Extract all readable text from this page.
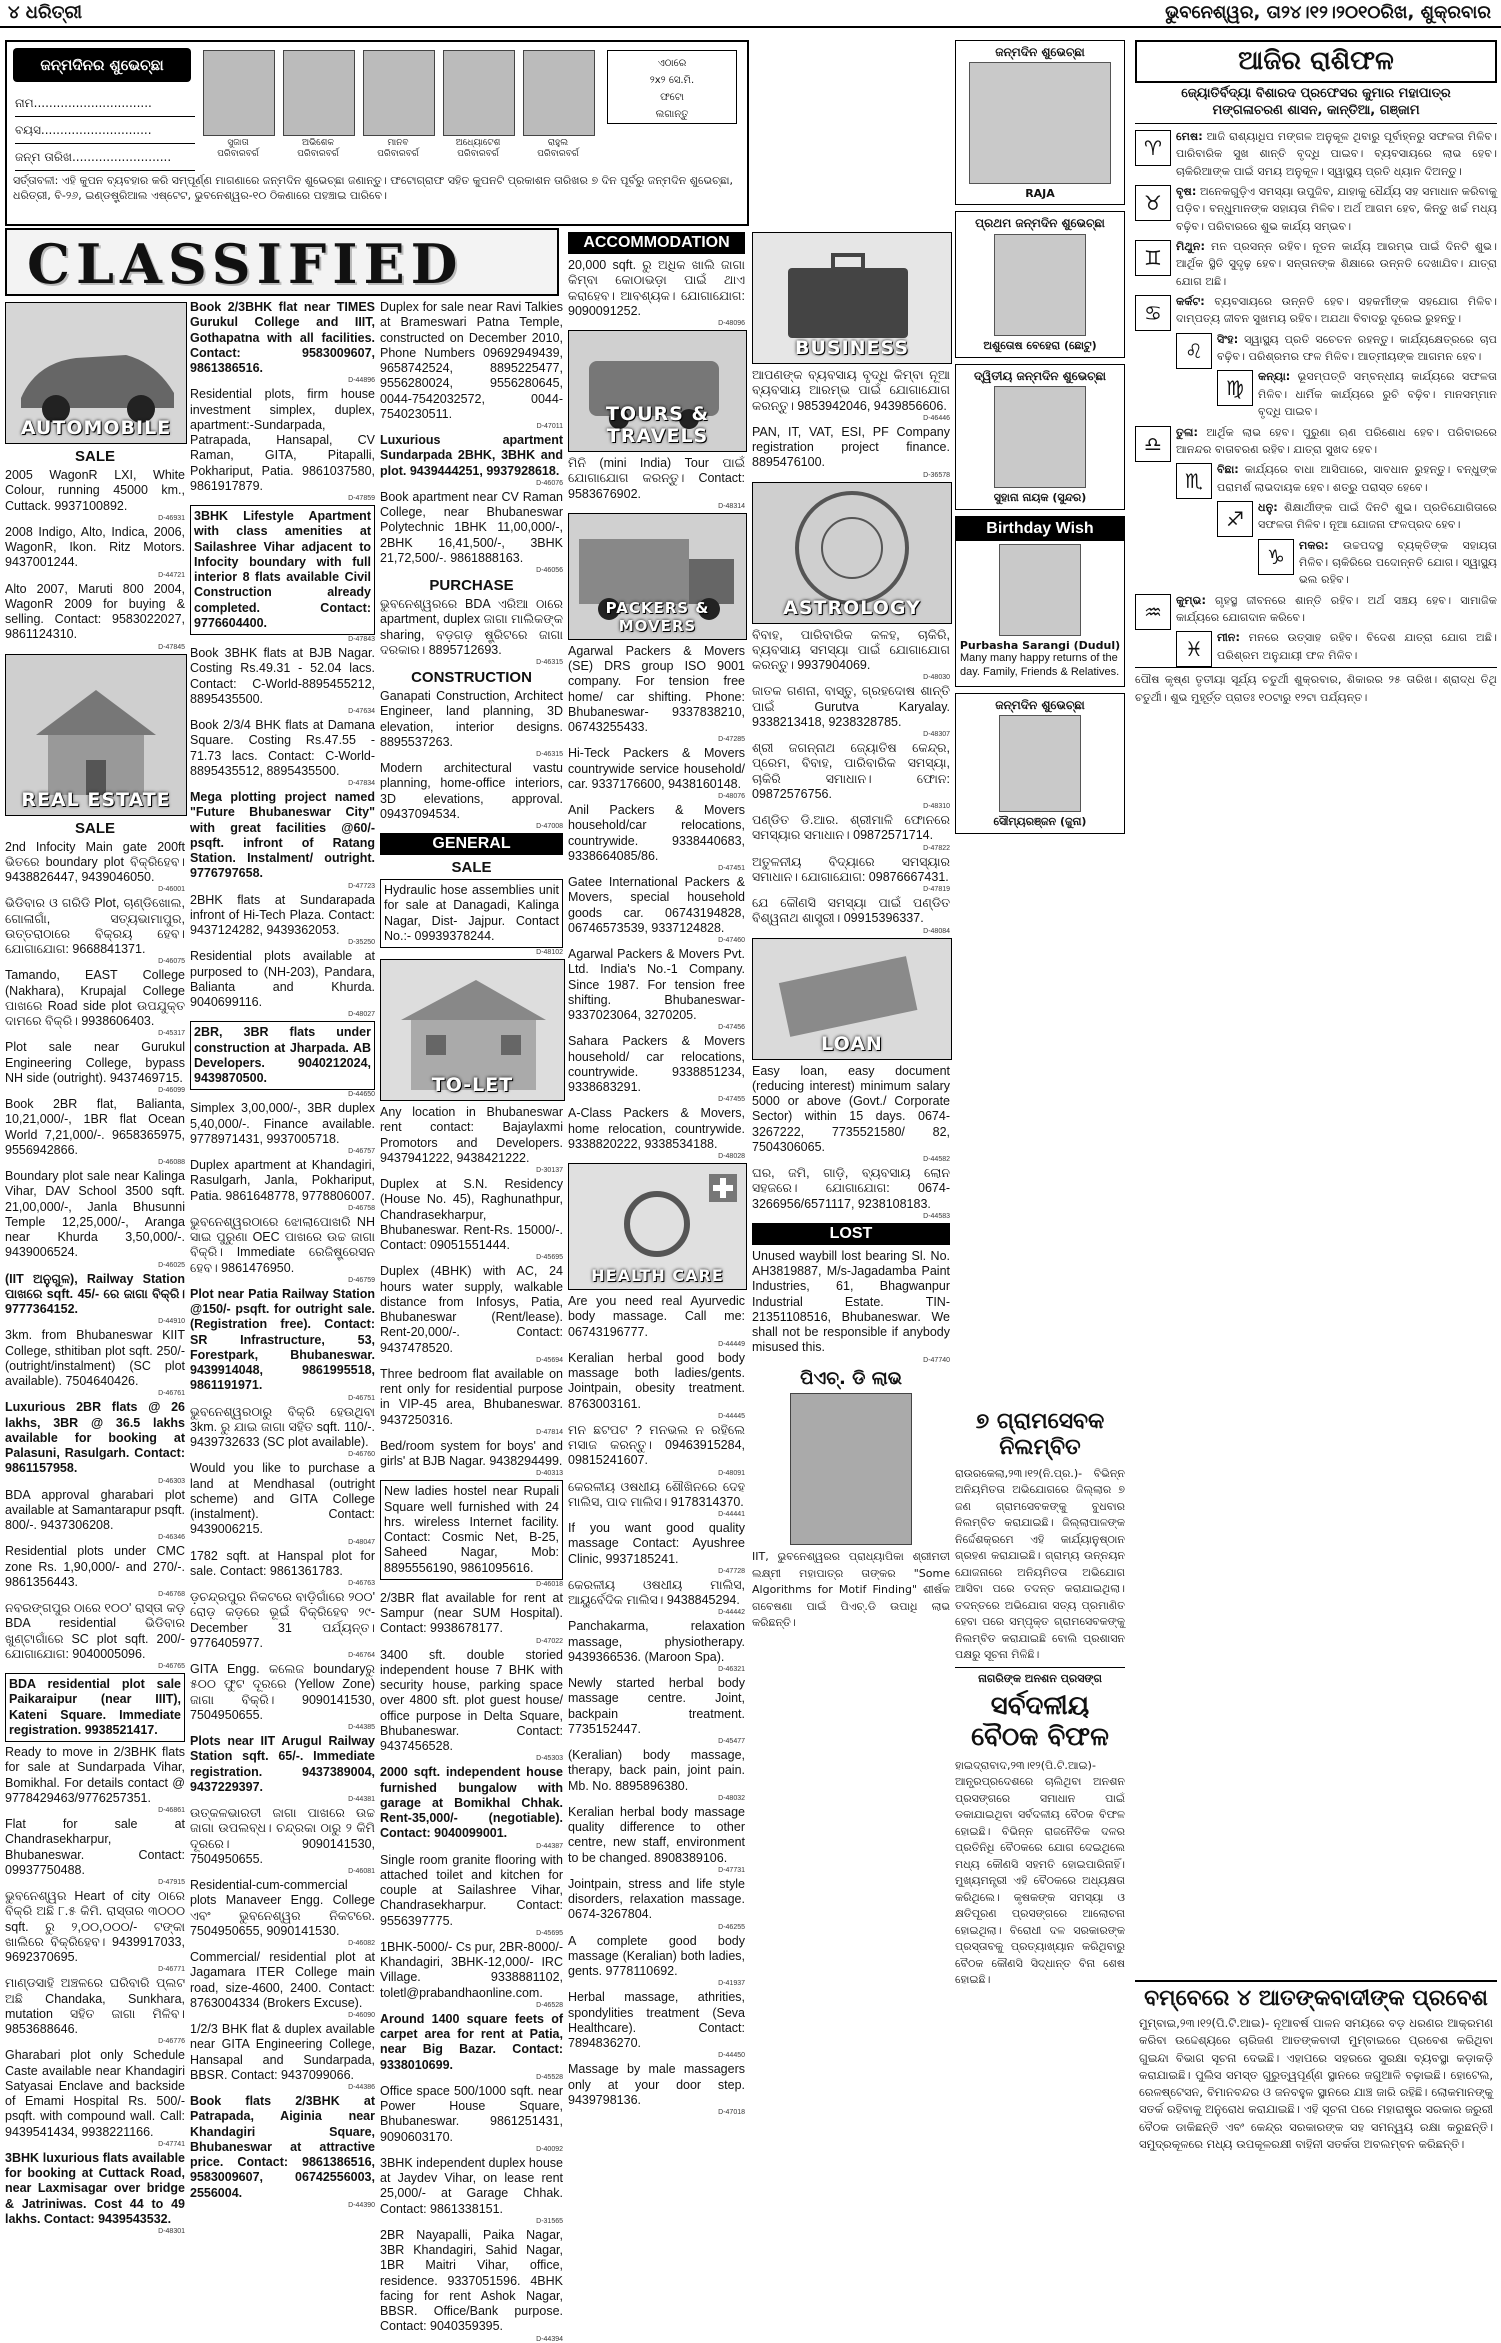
୪ ଧରିତ୍ରୀ	ଭୁବନେଶ୍ୱର, ତା୨୪।୧୨।୨୦୧୦ରିଖ, ଶୁକ୍ରବାର
ଜନ୍ମଦିନର ଶୁଭେଚ୍ଛା
ନାମ...............................
ବୟସ.............................
ଜନ୍ମ ତାରିଖ..........................
ସୁଜାତା
ପରିବାରବର୍ଗ
ଅଭିଶେକ
ପରିବାରବର୍ଗ
ମାନବ
ପରିବାରବର୍ଗ
ଅଧ୍ୟୋଟେଶ
ପରିବାରବର୍ଗ
ରାହୁଲ
ପରିବାରବର୍ଗ
ଏଠାରେ
୨x୨ ସେ.ମି.
ଫଟୋ
ଲଗାନ୍ତୁ
ସର୍ତ୍ତାବଳୀ: ଏହି କୁପନ ବ୍ୟବହାର କରି ସମ୍ପୂର୍ଣ୍ଣ ମାଗଣାରେ ଜନ୍ମଦିନ ଶୁଭେଚ୍ଛା ଜଣାନ୍ତୁ। ଫଟୋଗ୍ରାଫ ସହିତ କୁପନଟି ପ୍ରକାଶନ ତାରିଖର ୭ ଦିନ ପୂର୍ବରୁ ଜନ୍ମଦିନ ଶୁଭେଚ୍ଛା, ଧରିତ୍ରୀ, ବି-୨୬, ଇଣ୍ଡଷ୍ଟ୍ରିଆଲ ଏଷ୍ଟେଟ, ଭୁବନେଶ୍ୱର-୧୦ ଠିକଣାରେ ପହଞ୍ଚାଇ ପାରିବେ।
CLASSIFIED
AUTOMOBILE
SALE

2005 WagonR LXI, White Colour, running 45000 km., Cuttack. 9937100892.

D-46931

2008 Indigo, Alto, Indica, 2006, WagonR, Ikon. Ritz Motors. 9437001244.

D-44721

Alto 2007, Maruti 800 2004, WagonR 2009 for buying & selling. Contact: 9583022027, 9861124310.

D-47845
REAL ESTATE
SALE

2nd Infocity Main gate 200ft ଭିତରେ boundary plot ବିକ୍ରିହେବ। 9438826447, 9439046050.

D-46001

ଭିଡିବାର ଓ ଗରିଡି Plot, ଚାଣ୍ଡିଖୋଲ, ଗୋଳାଗାଁ, ସତ୍ୟଭାମାପୁର, ଉତ୍ତରାଠାରେ ବିକ୍ରୟ ହେବ। ଯୋଗାଯୋଗ: 9668841371.

D-46075

Tamando, EAST College (Nakhara), Krupajal College ପାଖରେ Road side plot ଉପଯୁକ୍ତ ଦାମରେ ବିକ୍ରି। 9938606403.

D-45317

Plot sale near Gurukul Engineering College, bypass NH side (outright). 9437469715.

D-46099

Book 2BR flat, Balianta, 10,21,000/-, 1BR flat Ocean World 7,21,000/-. 9658365975, 9556942866.

D-46088

Boundary plot sale near Kalinga Vihar, DAV School 3500 sqft. 21,00,000/-, Janla Bhusunni Temple 12,25,000/-, Aranga near Khurda 3,50,000/-. 9439006524.

D-46025

(IIT ଅନୁଗୁଳ), Railway Station ପାଖରେ sqft. 45/- ରେ ଜାଗା ବିକ୍ରି। 9777364152.

D-44910

3km. from Bhubaneswar KIIT College, sthitiban plot sqft. 250/- (outright/instalment) (SC plot available). 7504640426.

D-46761

Luxurious 2BR flats @ 26 lakhs, 3BR @ 36.5 lakhs available for booking at Palasuni, Rasulgarh. Contact: 9861157958.

D-46303

BDA approval gharabari plot available at Samantarapur psqft. 800/-. 9437306208.

D-46346

Residential plots under CMC zone Rs. 1,90,000/- and 270/-. 9861356443.

D-46768

ନବରଙ୍ଗପୁର ଠାରେ ୧୦୦' ରାସ୍ତା କଡ଼ BDA residential ଭିଡିବାର ଖୁଣ୍ଟାଗାଁରେ SC plot sqft. 200/- ଯୋଗାଯୋଗ: 9040005096.

D-46765

BDA residential plot sale Paikaraipur (near IIIT), Kateni Square. Immediate registration. 9938521417.

Ready to move in 2/3BHK flats for sale at Sundarpada Vihar, Bomikhal. For details contact @ 9778429463/9776257351.

D-46861

Flat for sale at Chandrasekharpur, Bhubaneswar. Contact: 09937750488.

D-47915

ଭୁବନେଶ୍ୱର Heart of city ଠାରେ ବିକ୍ରି ଅଛି ୮.୫ କିମି. ରାସ୍ତାର ୩୦୦୦ sqft. ରୁ ୨,୦୦,୦୦୦/- ଟଙ୍କା ଖାଲିରେ ବିକ୍ରିହେବ। 9439917033, 9692370695.

D-46771

ମାଣ୍ଡସାହି ଅଞ୍ଚଳରେ ଘରିବାରି ପ୍ଲଟ ଅଛି Chandaka, Sunkhara, mutation ସହିତ ଜାଗା ମିଳିବ। 9853688646.

D-46776

Gharabari plot only Schedule Caste available near Khandagiri Satyasai Enclave and backside of Emami Hospital Rs. 500/- psqft. with compound wall. Call: 9439541434, 9938221166.

D-47741

3BHK luxurious flats available for booking at Cuttack Road, near Laxmisagar over bridge & Jatriniwas. Cost 44 to 49 lakhs. Contact: 9439543532.

D-48301

Book 2/3BHK flat near TIMES Gurukul College and IIIT, Gothapatna with all facilities. Contact: 9583009607, 9861386516.

D-44896

Residential plots, firm house investment simplex, duplex, apartment:-Sundarpada, Patrapada, Hansapal, CV Raman, GITA, Pitapalli, Pokhariput, Patia. 9861037580, 9861917879.

D-47859

3BHK Lifestyle Apartment with class amenities at Sailashree Vihar adjacent to Infocity boundary with full interior 8 flats available Civil Construction already completed. Contact: 9776604400.

D-47843

Book 3BHK flats at BJB Nagar. Costing Rs.49.31 - 52.04 lacs. Contact: C-World-8895455212, 8895435500.

D-47634

Book 2/3/4 BHK flats at Damana Square. Costing Rs.47.55 - 71.73 lacs. Contact: C-World-8895435512, 8895435500.

D-47834

Mega plotting project named "Future Bhubaneswar City" with great facilities @60/- psqft. infront of Ratang Station. Instalment/ outright. 9776797658.

D-47723

2BHK flats at Sundarapada infront of Hi-Tech Plaza. Contact: 9437124282, 9439362053.

D-35250

Residential plots available at purposed to (NH-203), Pandara, Balianta and Khurda. 9040699116.

D-48027

2BR, 3BR flats under construction at Jharpada. AB Developers. 9040212024, 9439870500.

D-44650

Simplex 3,00,000/-, 3BR duplex 5,40,000/-. Finance available. 9778971431, 9937005718.

D-46757

Duplex apartment at Khandagiri, Rasulgarh, Janla, Pokhariput, Patia. 9861648778, 9778806007.

D-46758

ଭୁବନେଶ୍ୱରଠାରେ ଝୋଲାପୋଖରି NH ସାଇ ପୁରୁଣା OEC ପାଖରେ ଉଚ୍ଚ ଜାଗା ବିକ୍ରି। Immediate ରେଜିଷ୍ଟ୍ରେସନ ହେବ। 9861476950.

D-46759

Plot near Patia Railway Station @150/- psqft. for outright sale. (Registration free). Contact: SR Infrastructure, 53, Forestpark, Bhubaneswar. 9439914048, 9861995518, 9861191971.

D-46751

ଭୁବନେଶ୍ୱରଠାରୁ ବିକ୍ରି ହେଉଥିବା 3km. ରୁ ଯାଇ ଜାଗା ସହିତ sqft. 110/-. 9439732633 (SC plot available).

D-46760

Would you like to purchase a land at Mendhasal (outright scheme) and GITA College (instalment). Contact: 9439006215.

D-48047

1782 sqft. at Hanspal plot for sale. Contact: 9861361783.

D-46763

ଡ଼ଚନ୍ଦ୍ରପୁର ନିକଟରେ ବାଡ଼ିଗାଁରେ ୨୦୦' ରୋଡ଼ କଡ଼ରେ ଭୂଇଁ ବିକ୍ରିହେବ ୨୯-December 31 ପର୍ଯ୍ୟନ୍ତ। 9776405977.

D-46764

GITA Engg. କଲେଜ boundaryରୁ ୫୦୦ ଫୁଟ ଦୂରରେ (Yellow Zone) ଜାଗା ବିକ୍ରି। 9090141530, 7504950655.

D-44385

Plots near IIT Arugul Railway Station sqft. 65/-. Immediate registration. 9437389004, 9437229397.

D-44381

ଉତ୍କଳଭାରତୀ ଜାଗା ପାଖରେ ଉଚ୍ଚ ଜାଗା ଉପଲବ୍ଧ। ଚନ୍ଦ୍ରକା ଠାରୁ ୨ କିମି ଦୂରରେ। 9090141530, 7504950655.

D-46081

Residential-cum-commercial plots Manaveer Engg. College ଏବଂ ଭୁବନେଶ୍ୱର ନିକଟରେ. 7504950655, 9090141530.

D-46082

Commercial/ residential plot at Jagamara ITER College main road, size-4600, 2400. Contact: 8763004334 (Brokers Excuse).

D-46090

1/2/3 BHK flat & duplex available near GITA Engineering College, Hansapal and Sundarpada, BBSR. Contact: 9437099066.

D-44386

Book flats 2/3BHK at Patrapada, Aiginia near Khandagiri Square, Bhubaneswar at attractive price. Contact: 9861386516, 9583009607, 06742556003, 2556004.

D-44390

Duplex for sale near Ravi Talkies at Brameswari Patna Temple, constructed on December 2010, Phone Numbers 09692949439, 9658742524, 8895225477, 9556280024, 9556280645, 0044-7542032572, 0044-7540230511.

D-47011

Luxurious apartment Sundarpada 2BHK, 3BHK and plot. 9439444251, 9937928618.

D-46076

Book apartment near CV Raman College, near Bhubaneswar Polytechnic 1BHK 11,00,000/-, 2BHK 16,41,500/-, 3BHK 21,72,500/-. 9861888163.

D-46056
PURCHASE

ଭୁବନେଶ୍ୱରରେ BDA ଏରିଆ ଠାରେ apartment, duplex ଜାଗା ମାଲିକଙ୍କ sharing, ବଡ଼ଗଡ଼ ଷ୍ଟ୍ରିଟରେ ଜାଗା ଦରକାର। 8895712693.

D-46315
CONSTRUCTION

Ganapati Construction, Architect Engineer, land planning, 3D elevation, interior designs. 8895537263.

D-46315

Modern architectural vastu planning, home-office interiors, 3D elevations, approval. 09437094534.

D-47008
GENERAL
SALE

Hydraulic hose assemblies unit for sale at Danagadi, Kalinga Nagar, Dist- Jajpur. Contact No.:- 09939378244.

D-48102
TO-LET

Any location in Bhubaneswar rent contact: Bajaylaxmi Promotors and Developers. 9437941222, 9438421222.

D-30137

Duplex at S.N. Residency (House No. 45), Raghunathpur, Chandrasekharpur, Bhubaneswar. Rent-Rs. 15000/-. Contact: 09051551444.

D-45695

Duplex (4BHK) with AC, 24 hours water supply, walkable distance from Infosys, Patia, Bhubaneswar (Rent/lease). Rent-20,000/-. Contact: 9437478520.

D-45694

Three bedroom flat available on rent only for residential purpose in VIP-45 area, Bhubaneswar. 9437250316.

D-47814

Bed/room system for boys' and girls' at BJB Nagar. 9438294499.

D-40313

New ladies hostel near Rupali Square well furnished with 24 hrs. wireless Internet facility. Contact: Cosmic Net, B-25, Saheed Nagar, Mob: 8895556190, 9861095616.

D-46018

2/3BR flat available for rent at Sampur (near SUM Hospital). Contact: 9938678177.

D-47022

3400 sft. double storied independent house 7 BHK with security house, parking space over 4800 sft. plot guest house/ office purpose in Delta Square, Bhubaneswar. Contact: 9437456528.

D-45303

2000 sqft. independent house furnished bungalow with garage at Bomikhal Chhak. Rent-35,000/- (negotiable). Contact: 9040099001.

D-44387

Single room granite flooring with attached toilet and kitchen for couple at Sailashree Vihar, Chandrasekharpur. Contact: 9556397775.

D-45695

1BHK-5000/- Cs pur, 2BR-8000/- Khandagiri, 3BHK-12,000/- IRC Village. 9338881102, toletl@prabandhaonline.com.

D-46528

Around 1400 square feets of carpet area for rent at Patia, near Big Bazar. Contact: 9338010699.

D-45528

Office space 500/1000 sqft. near Power House Square, Bhubaneswar. 9861251431, 9090603170.

D-40092

3BHK independent duplex house at Jaydev Vihar, on lease rent 25,000/- at Garage Chhak. Contact: 9861338151.

D-31565

2BR Nayapalli, Paika Nagar, 3BR Khandagiri, Sahid Nagar, 1BR Maitri Vihar, office, residence. 9337051596. 4BHK facing for rent Ashok Nagar, BBSR. Office/Bank purpose. Contact: 9040359395.

D-44394
ACCOMMODATION

20,000 sqft. ରୁ ଅଧିକ ଖାଲି ଜାଗା କିମ୍ବା କୋଠାଭଡ଼ା ପାଇଁ ଥାଏ କରାହେବ। ଆବଶ୍ୟକ। ଯୋଗାଯୋଗ: 9090091252.

D-48096
TOURS & TRAVELS

ମିନି (mini India) Tour ପାଇଁ ଯୋଗାଯୋଗ କରନ୍ତୁ। Contact: 9583676902.

D-48314
PACKERS & MOVERS

Agarwal Packers & Movers (SE) DRS group ISO 9001 company. For tension free home/ car shifting. Phone: Bhubaneswar- 9337838210, 06743255433.

D-47285

Hi-Teck Packers & Movers countrywide service household/ car. 9337176600, 9438160148.

D-48076

Anil Packers & Movers household/car relocations, countrywide. 9338440683, 9338664085/86.

D-47451

Gatee International Packers & Movers, special household goods car. 06743194828, 06746573539, 9337124828.

D-47460

Agarwal Packers & Movers Pvt. Ltd. India's No.-1 Company. Since 1987. For tension free shifting. Bhubaneswar- 9337023064, 3270205.

D-47456

Sahara Packers & Movers household/ car relocations, countrywide. 9338851234, 9338683291.

D-47455

A-Class Packers & Movers, home relocation, countrywide. 9338820222, 9338534188.

D-48028
HEALTH CARE

Are you need real Ayurvedic body massage. Call me: 06743196777.

D-44449

Keralian herbal good body massage both ladies/gents. Jointpain, obesity treatment. 8763003161.

D-44445

ମନ ଛଟପଟ ? ମନଭଲ ନ ରହିଲେ ମସାଜ କରନ୍ତୁ। 09463915284, 09815241607.

D-48091

କେରଳୀୟ ଓଷଧୀୟ ଶୌଖିନରେ ଦେହ ମାଲିସ, ପାଦ ମାଲିସ। 9178314370.

D-44441

If you want good quality massage Contact: Ayushree Clinic, 9937185241.

D-47728

କେରଳୀୟ ଓଷଧୀୟ ମାଲିସ, ଆୟୁର୍ବେଦିକ ମାଲିସ। 9438845294.

D-44442

Panchakarma, relaxation massage, physiotherapy. 9439366536. (Maroon Spa).

D-46321

Newly started herbal body massage centre. Joint, backpain treatment. 7735152447.

D-45477

(Keralian) body massage, therapy, back pain, joint pain. Mb. No. 8895896380.

D-48032

Keralian herbal body massage quality difference to other centre, new staff, environment to be changed. 8908389106.

D-47731

Jointpain, stress and life style disorders, relaxation massage. 0674-3267804.

D-46255

A complete good body massage (Keralian) both ladies, gents. 9778110692.

D-41937

Herbal massage, athrities, spondylities treatment (Seva Healthcare). Contact: 7894836270.

D-44450

Massage by male massagers only at your door step. 9439798136.

D-47018
BUSINESS

ଆପଣଙ୍କ ବ୍ୟବସାୟ ବୃଦ୍ଧି କିମ୍ବା ନୂଆ ବ୍ୟବସାୟ ଆରମ୍ଭ ପାଇଁ ଯୋଗାଯୋଗ କରନ୍ତୁ। 9853942046, 9439856606.

D-46446

PAN, IT, VAT, ESI, PF Company registration project finance. 8895476100.

D-36578
ASTROLOGY

ବିବାହ, ପାରିବାରିକ କଳହ, ଚାକିରି, ବ୍ୟବସାୟ ସମସ୍ୟା ପାଇଁ ଯୋଗାଯୋଗ କରନ୍ତୁ। 9937904069.

D-48030

ଜାତକ ଗଣନା, ବାସ୍ତୁ, ଗ୍ରହଦୋଷ ଶାନ୍ତି ପାଇଁ Gurutva Karyalay. 9338213418, 9238328785.

D-48307

ଶ୍ରୀ ଜଗନ୍ନାଥ ଜ୍ୟୋତିଷ କେନ୍ଦ୍ର, ପ୍ରେମ, ବିବାହ, ପାରିବାରିକ ସମସ୍ୟା, ଚାକିରି ସମାଧାନ। ଫୋନ: 09872576756.

D-48310

ପଣ୍ଡିତ ଡି.ଆର. ଶ୍ରୀମାଳି ଫୋନରେ ସମସ୍ୟାର ସମାଧାନ। 09872571714.

D-47822

ଅତୁଳନୀୟ ବିଦ୍ୟାରେ ସମସ୍ୟାର ସମାଧାନ। ଯୋଗାଯୋଗ: 09876667431.

D-47819

ଯେ କୌଣସି ସମସ୍ୟା ପାଇଁ ପଣ୍ଡିତ ବିଶ୍ୱନାଥ ଶାସ୍ତ୍ରୀ। 09915396337.

D-48084
LOAN

Easy loan, easy document (reducing interest) minimum salary 5000 or above (Govt./ Corporate Sector) within 15 days. 0674-3267222, 7735521580/ 82, 7504306065.

D-44582

ଘର, ଜମି, ଗାଡ଼ି, ବ୍ୟବସାୟ ଲୋନ ସହଜରେ। ଯୋଗାଯୋଗ: 0674-3266956/6571117, 9238108183.

D-44583
LOST

Unused waybill lost bearing Sl. No. AH3819887, M/s-Jagadamba Paint Industries, 61, Bhagwanpur Industrial Estate. TIN-21351108516, Bhubaneswar. We shall not be responsible if anybody misused this.

D-47740
ପିଏଚ୍. ଡି ଲାଭ

IIT, ଭୁବନେଶ୍ୱରର ପ୍ରାଧ୍ୟାପିକା ଶ୍ରୀମତୀ ଲକ୍ଷ୍ମୀ ମହାପାତ୍ର ତାଙ୍କର "Some Algorithms for Motif Finding" ଶୀର୍ଷକ ଗବେଷଣା ପାଇଁ ପିଏଚ୍.ଡି ଉପାଧି ଲାଭ କରିଛନ୍ତି।

ଜନ୍ମଦିନ ଶୁଭେଚ୍ଛା
RAJA
ପ୍ରଥମ ଜନ୍ମଦିନ ଶୁଭେଚ୍ଛା
ଅଶୁତୋଷ ବେହେରା (ଛୋଟୁ)
ଦ୍ୱିତୀୟ ଜନ୍ମଦିନ ଶୁଭେଚ୍ଛା
ସୁହାନା ନାୟକ (ସୁନ୍ଦର)
Birthday Wish
Purbasha Sarangi (Dudul)
Many many happy returns of the day. Family, Friends & Relatives.
ଜନ୍ମଦିନ ଶୁଭେଚ୍ଛା
ସୌମ୍ୟରଞ୍ଜନ (ଜୁନା)
୭ ଗ୍ରାମସେବକ ନିଲମ୍ବିତ

ରାଉରକେଲା,୨୩।୧୨(ନି.ପ୍ର.)- ବିଭିନ୍ନ ଅନିୟମିତତା ଅଭିଯୋଗରେ ଜିଲ୍ଲାର ୭ ଜଣ ଗ୍ରାମସେବକଙ୍କୁ ବୁଧବାର ନିଲମ୍ବିତ କରାଯାଇଛି। ଜିଲ୍ଲାପାଳଙ୍କ ନିର୍ଦ୍ଦେଶକ୍ରମେ ଏହି କାର୍ଯ୍ୟାନୁଷ୍ଠାନ ଗ୍ରହଣ କରାଯାଇଛି। ଗ୍ରାମ୍ୟ ଉନ୍ନୟନ ଯୋଜନାରେ ଅନିୟମିତତା ଅଭିଯୋଗ ଆସିବା ପରେ ତଦନ୍ତ କରାଯାଇଥିଲା। ତଦନ୍ତରେ ଅଭିଯୋଗ ସତ୍ୟ ପ୍ରମାଣିତ ହେବା ପରେ ସମ୍ପୃକ୍ତ ଗ୍ରାମସେବକଙ୍କୁ ନିଲମ୍ବିତ କରାଯାଇଛି ବୋଲି ପ୍ରଶାସନ ପକ୍ଷରୁ ସୂଚନା ମିଳିଛି।

ନାଗରିଙ୍କ ଅନଶନ ପ୍ରସଙ୍ଗ
ସର୍ବଦଳୀୟ ବୈଠକ ବିଫଳ

ହାଇଦ୍ରାବାଦ,୨୩।୧୨(ପି.ଟି.ଆଇ)- ଆନ୍ଧ୍ରପ୍ରଦେଶରେ ଚାଲିଥିବା ଅନଶନ ପ୍ରସଙ୍ଗରେ ସମାଧାନ ପାଇଁ ଡକାଯାଇଥିବା ସର୍ବଦଳୀୟ ବୈଠକ ବିଫଳ ହୋଇଛି। ବିଭିନ୍ନ ରାଜନୈତିକ ଦଳର ପ୍ରତିନିଧି ବୈଠକରେ ଯୋଗ ଦେଇଥିଲେ ମଧ୍ୟ କୌଣସି ସହମତି ହୋଇପାରିନାହିଁ। ମୁଖ୍ୟମନ୍ତ୍ରୀ ଏହି ବୈଠକରେ ଅଧ୍ୟକ୍ଷତା କରିଥିଲେ। କୃଷକଙ୍କ ସମସ୍ୟା ଓ କ୍ଷତିପୂରଣ ପ୍ରସଙ୍ଗରେ ଆଲୋଚନା ହୋଇଥିଲା। ବିରୋଧୀ ଦଳ ସରକାରଙ୍କ ପ୍ରସ୍ତାବକୁ ପ୍ରତ୍ୟାଖ୍ୟାନ କରିଥିବାରୁ ବୈଠକ କୌଣସି ସିଦ୍ଧାନ୍ତ ବିନା ଶେଷ ହୋଇଛି।

ଆଜିର ରାଶିଫଳ
ଜ୍ୟୋତିର୍ବିଦ୍ୟା ବିଶାରଦ ପ୍ରଫେସର କୁମାର ମହାପାତ୍ର
ମଙ୍ଗଳାଚରଣ ଶାସନ, କାନ୍ତିଆ, ଗଞ୍ଜାମ

♈	ମେଷ: ଆଜି ରାଶ୍ୟାଧିପ ମଙ୍ଗଳ ଅନୁକୂଳ ଥିବାରୁ ପୂର୍ବାହ୍ନରୁ ସଫଳତା ମିଳିବ। ପାରିବାରିକ ସୁଖ ଶାନ୍ତି ବୃଦ୍ଧି ପାଇବ। ବ୍ୟବସାୟରେ ଲାଭ ହେବ। ଚାକିରିଆଙ୍କ ପାଇଁ ସମୟ ଅନୁକୂଳ। ସ୍ୱାସ୍ଥ୍ୟ ପ୍ରତି ଧ୍ୟାନ ଦିଅନ୍ତୁ।

♉	ବୃଷ: ଅନେକଗୁଡ଼ିଏ ସମସ୍ୟା ଉପୁଜିବ, ଯାହାକୁ ଧୈର୍ଯ୍ୟ ସହ ସମାଧାନ କରିବାକୁ ପଡ଼ିବ। ବନ୍ଧୁମାନଙ୍କ ସହାୟତା ମିଳିବ। ଅର୍ଥ ଆଗମ ହେବ, କିନ୍ତୁ ଖର୍ଚ୍ଚ ମଧ୍ୟ ବଢ଼ିବ। ପରିବାରରେ ଶୁଭ କାର୍ଯ୍ୟ ସମ୍ଭବ।

♊	ମିଥୁନ: ମନ ପ୍ରସନ୍ନ ରହିବ। ନୂତନ କାର୍ଯ୍ୟ ଆରମ୍ଭ ପାଇଁ ଦିନଟି ଶୁଭ। ଆର୍ଥିକ ସ୍ଥିତି ସୁଦୃଢ଼ ହେବ। ସନ୍ତାନଙ୍କ ଶିକ୍ଷାରେ ଉନ୍ନତି ଦେଖାଯିବ। ଯାତ୍ରା ଯୋଗ ଅଛି।

♋	କର୍କଟ: ବ୍ୟବସାୟରେ ଉନ୍ନତି ହେବ। ସହକର୍ମୀଙ୍କ ସହଯୋଗ ମିଳିବ। ଦାମ୍ପତ୍ୟ ଜୀବନ ସୁଖମୟ ରହିବ। ଅଯଥା ବିବାଦରୁ ଦୂରେଇ ରୁହନ୍ତୁ।

♌	ସିଂହ: ସ୍ୱାସ୍ଥ୍ୟ ପ୍ରତି ସଚେତନ ରହନ୍ତୁ। କାର୍ଯ୍ୟକ୍ଷେତ୍ରରେ ଚାପ ବଢ଼ିବ। ପରିଶ୍ରମର ଫଳ ମିଳିବ। ଆତ୍ମୀୟଙ୍କ ଆଗମନ ହେବ।

♍	କନ୍ୟା: ଭୂସମ୍ପତ୍ତି ସମ୍ବନ୍ଧୀୟ କାର୍ଯ୍ୟରେ ସଫଳତା ମିଳିବ। ଧାର୍ମିକ କାର୍ଯ୍ୟରେ ରୁଚି ବଢ଼ିବ। ମାନସମ୍ମାନ ବୃଦ୍ଧି ପାଇବ।

♎	ତୁଳା: ଆର୍ଥିକ ଲାଭ ହେବ। ପୁରୁଣା ଋଣ ପରିଶୋଧ ହେବ। ପରିବାରରେ ଆନନ୍ଦର ବାତାବରଣ ରହିବ। ଯାତ୍ରା ସୁଖଦ ହେବ।

♏	ବିଛା: କାର୍ଯ୍ୟରେ ବାଧା ଆସିପାରେ, ସାବଧାନ ରୁହନ୍ତୁ। ବନ୍ଧୁଙ୍କ ପରାମର୍ଶ ଲାଭଦାୟକ ହେବ। ଶତ୍ରୁ ପରାସ୍ତ ହେବେ।

♐	ଧନୁ: ଶିକ୍ଷାର୍ଥୀଙ୍କ ପାଇଁ ଦିନଟି ଶୁଭ। ପ୍ରତିଯୋଗିତାରେ ସଫଳତା ମିଳିବ। ନୂଆ ଯୋଜନା ଫଳପ୍ରଦ ହେବ।

♑	ମକର: ଉଚ୍ଚପଦସ୍ଥ ବ୍ୟକ୍ତିଙ୍କ ସହାୟତା ମିଳିବ। ଚାକିରିରେ ପଦୋନ୍ନତି ଯୋଗ। ସ୍ୱାସ୍ଥ୍ୟ ଭଲ ରହିବ।

♒	କୁମ୍ଭ: ଗୃହସ୍ଥ ଜୀବନରେ ଶାନ୍ତି ରହିବ। ଅର୍ଥ ସଞ୍ଚୟ ହେବ। ସାମାଜିକ କାର୍ଯ୍ୟରେ ଯୋଗଦାନ କରିବେ।

♓	ମୀନ: ମନରେ ଉତ୍ସାହ ରହିବ। ବିଦେଶ ଯାତ୍ରା ଯୋଗ ଅଛି। ପରିଶ୍ରମ ଅନୁଯାୟୀ ଫଳ ମିଳିବ।

ପୌଷ କୃଷ୍ଣ ତୃତୀୟା ସୂର୍ଯ୍ୟ ଚତୁର୍ଥୀ ଶୁକ୍ରବାର, ଶିକାରର ୨୫ ତାରିଖ। ଶ୍ରାଦ୍ଧ ତିଥି ଚତୁର୍ଥୀ। ଶୁଭ ମୁହୂର୍ତ୍ତ ପ୍ରାତଃ ୧୦ଟାରୁ ୧୨ଟା ପର୍ଯ୍ୟନ୍ତ।

ବମ୍ବେରେ ୪ ଆତଙ୍କବାଦୀଙ୍କ ପ୍ରବେଶ

ମୁମ୍ବାଇ,୨୩।୧୨(ପି.ଟି.ଆଇ)- ନୂଆବର୍ଷ ପାଳନ ସମୟରେ ବଡ଼ ଧରଣର ଆକ୍ରମଣ କରିବା ଉଦ୍ଦେଶ୍ୟରେ ଚାରିଜଣ ଆତଙ୍କବାଦୀ ମୁମ୍ବାଇରେ ପ୍ରବେଶ କରିଥିବା ଗୁଇନ୍ଦା ବିଭାଗ ସୂଚନା ଦେଇଛି। ଏହାପରେ ସହରରେ ସୁରକ୍ଷା ବ୍ୟବସ୍ଥା କଡ଼ାକଡ଼ି କରାଯାଇଛି। ପୁଲିସ ସମସ୍ତ ଗୁରୁତ୍ୱପୂର୍ଣ୍ଣ ସ୍ଥାନରେ ଜଗୁଆଳି ବଢ଼ାଇଛି। ହୋଟେଲ, ରେଳଷ୍ଟେସନ, ବିମାନବନ୍ଦର ଓ ଜନବହୁଳ ସ୍ଥାନରେ ଯାଞ୍ଚ ଜାରି ରହିଛି। ଲୋକମାନଙ୍କୁ ସତର୍କ ରହିବାକୁ ଅନୁରୋଧ କରାଯାଇଛି। ଏହି ସୂଚନା ପରେ ମହାରାଷ୍ଟ୍ର ସରକାର ଜରୁରୀ ବୈଠକ ଡାକିଛନ୍ତି ଏବଂ କେନ୍ଦ୍ର ସରକାରଙ୍କ ସହ ସମନ୍ୱୟ ରକ୍ଷା କରୁଛନ୍ତି। ସମୁଦ୍ରକୂଳରେ ମଧ୍ୟ ଉପକୂଳରକ୍ଷୀ ବାହିନୀ ସତର୍କତା ଅବଲମ୍ବନ କରିଛନ୍ତି।
